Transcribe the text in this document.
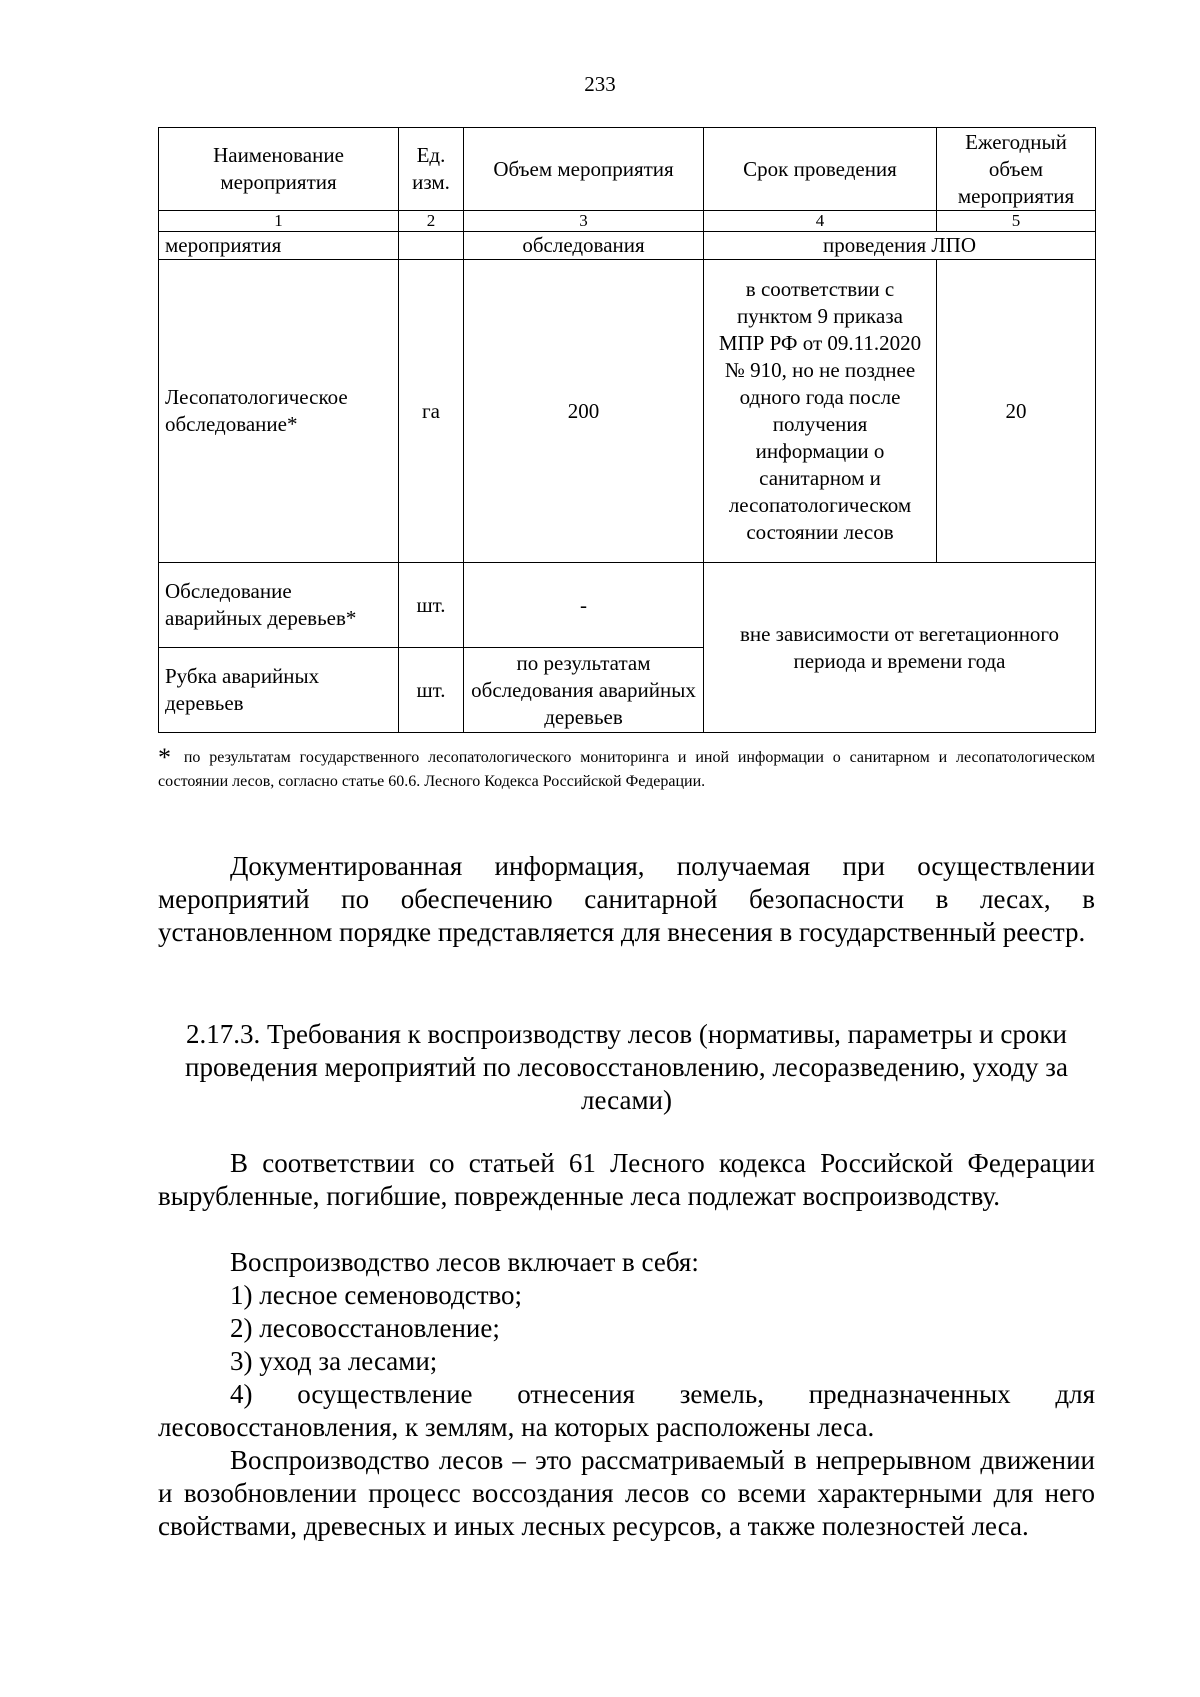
233
Наименование мероприятия	Ед. изм.	Объем мероприятия	Срок проведения	Ежегодный объем мероприятия
1	2	3	4	5
мероприятия		обследования	проведения ЛПО	
Лесопатологическое обследование*	га	200	в соответствии с пунктом 9 приказа МПР РФ от 09.11.2020 № 910, но не позднее одного года после получения информации о санитарном и лесопатологическом состоянии лесов	20
Обследование аварийных деревьев*	шт.	-	вне зависимости от вегетационного периода и времени года	
Рубка аварийных деревьев	шт.	по результатам обследования аварийных деревьев		
* по результатам государственного лесопатологического мониторинга и иной информации о санитарном и лесопатологическом состоянии лесов, согласно статье 60.6. Лесного Кодекса Российской Федерации.
Документированная информация, получаемая при осуществлении мероприятий по обеспечению санитарной безопасности в лесах, в установленном порядке представляется для внесения в государственный реестр.
2.17.3. Требования к воспроизводству лесов (нормативы, параметры и сроки проведения мероприятий по лесовосстановлению, лесоразведению, уходу за лесами)
В соответствии со статьей 61 Лесного кодекса Российской Федерации вырубленные, погибшие, поврежденные леса подлежат воспроизводству.
Воспроизводство лесов включает в себя:
1) лесное семеноводство;
2) лесовосстановление;
3) уход за лесами;
4) осуществление отнесения земель, предназначенных для лесовосстановления, к землям, на которых расположены леса.
Воспроизводство лесов – это рассматриваемый в непрерывном движении и возобновлении процесс воссоздания лесов со всеми характерными для него свойствами, древесных и иных лесных ресурсов, а также полезностей леса.
